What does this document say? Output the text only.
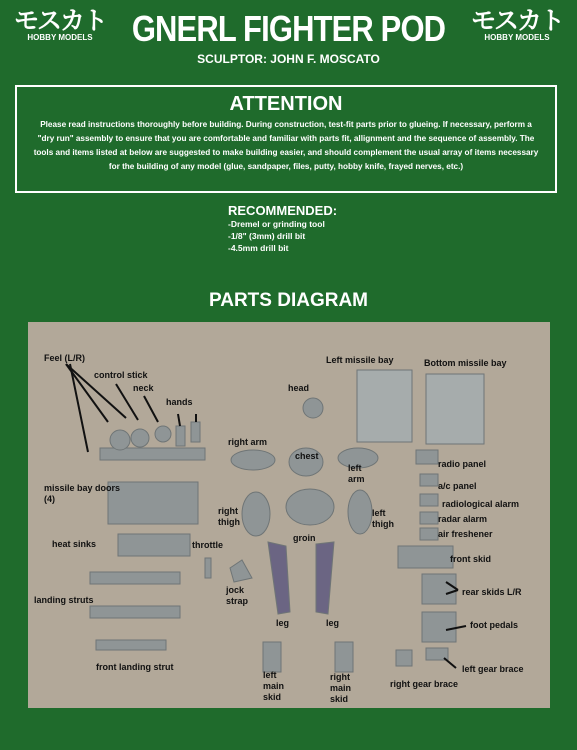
モスカト
HOBBY MODELS
モスカト
HOBBY MODELS
GNERL FIGHTER POD
SCULPTOR: JOHN F. MOSCATO
ATTENTION
Please read instructions thoroughly before building. During construction, test-fit parts prior to glueing. If necessary, perform a "dry run" assembly to ensure that you are comfortable and familiar with parts fit, allignment and the sequence of assembly. The tools and items listed at below are suggested to make building easier, and should complement the usual array of items necessary for the building of any model (glue, sandpaper, files, putty, hobby knife, frayed nerves, etc.)
RECOMMENDED:
-Dremel or grinding tool
-1/8" (3mm) drill bit
-4.5mm drill bit
PARTS DIAGRAM
Feel (L/R)
control stick
neck
hands
head
Left missile bay	Bottom missile bay
right arm
chest
left arm
radio panel
a/c panel
radiological alarm
radar alarm
air freshener
missile bay doors (4)
right thigh
left thigh
groin
heat sinks	throttle
jock strap
front skid
landing struts
rear skids L/R
leg	leg	foot pedals
front landing strut
left main skid
right main skid
left gear brace
right gear brace
